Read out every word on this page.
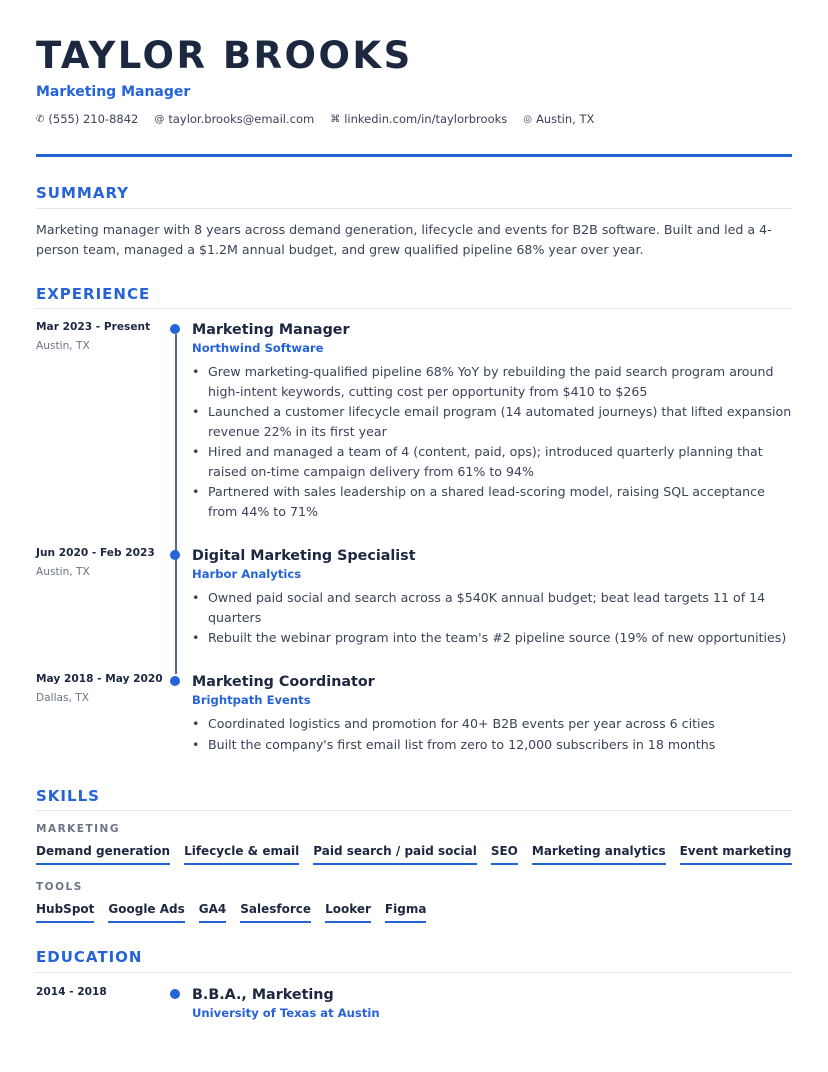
TAYLOR BROOKS
Marketing Manager
✆ (555) 210-8842 @ taylor.brooks@email.com ⌘ linkedin.com/in/taylorbrooks ◎ Austin, TX
SUMMARY
Marketing manager with 8 years across demand generation, lifecycle and events for B2B software. Built and led a 4-person team, managed a $1.2M annual budget, and grew qualified pipeline 68% year over year.
EXPERIENCE
Mar 2023 - Present
Austin, TX
Marketing Manager
Northwind Software
• Grew marketing-qualified pipeline 68% YoY by rebuilding the paid search program around high-intent keywords, cutting cost per opportunity from $410 to $265
• Launched a customer lifecycle email program (14 automated journeys) that lifted expansion revenue 22% in its first year
• Hired and managed a team of 4 (content, paid, ops); introduced quarterly planning that raised on-time campaign delivery from 61% to 94%
• Partnered with sales leadership on a shared lead-scoring model, raising SQL acceptance from 44% to 71%
Jun 2020 - Feb 2023
Austin, TX
Digital Marketing Specialist
Harbor Analytics
• Owned paid social and search across a $540K annual budget; beat lead targets 11 of 14 quarters
• Rebuilt the webinar program into the team's #2 pipeline source (19% of new opportunities)
May 2018 - May 2020
Dallas, TX
Marketing Coordinator
Brightpath Events
• Coordinated logistics and promotion for 40+ B2B events per year across 6 cities
• Built the company's first email list from zero to 12,000 subscribers in 18 months
SKILLS
MARKETING
Demand generation Lifecycle & email Paid search / paid social SEO Marketing analytics Event marketing
TOOLS
HubSpot Google Ads GA4 Salesforce Looker Figma
EDUCATION
2014 - 2018	B.B.A., Marketing
University of Texas at Austin
